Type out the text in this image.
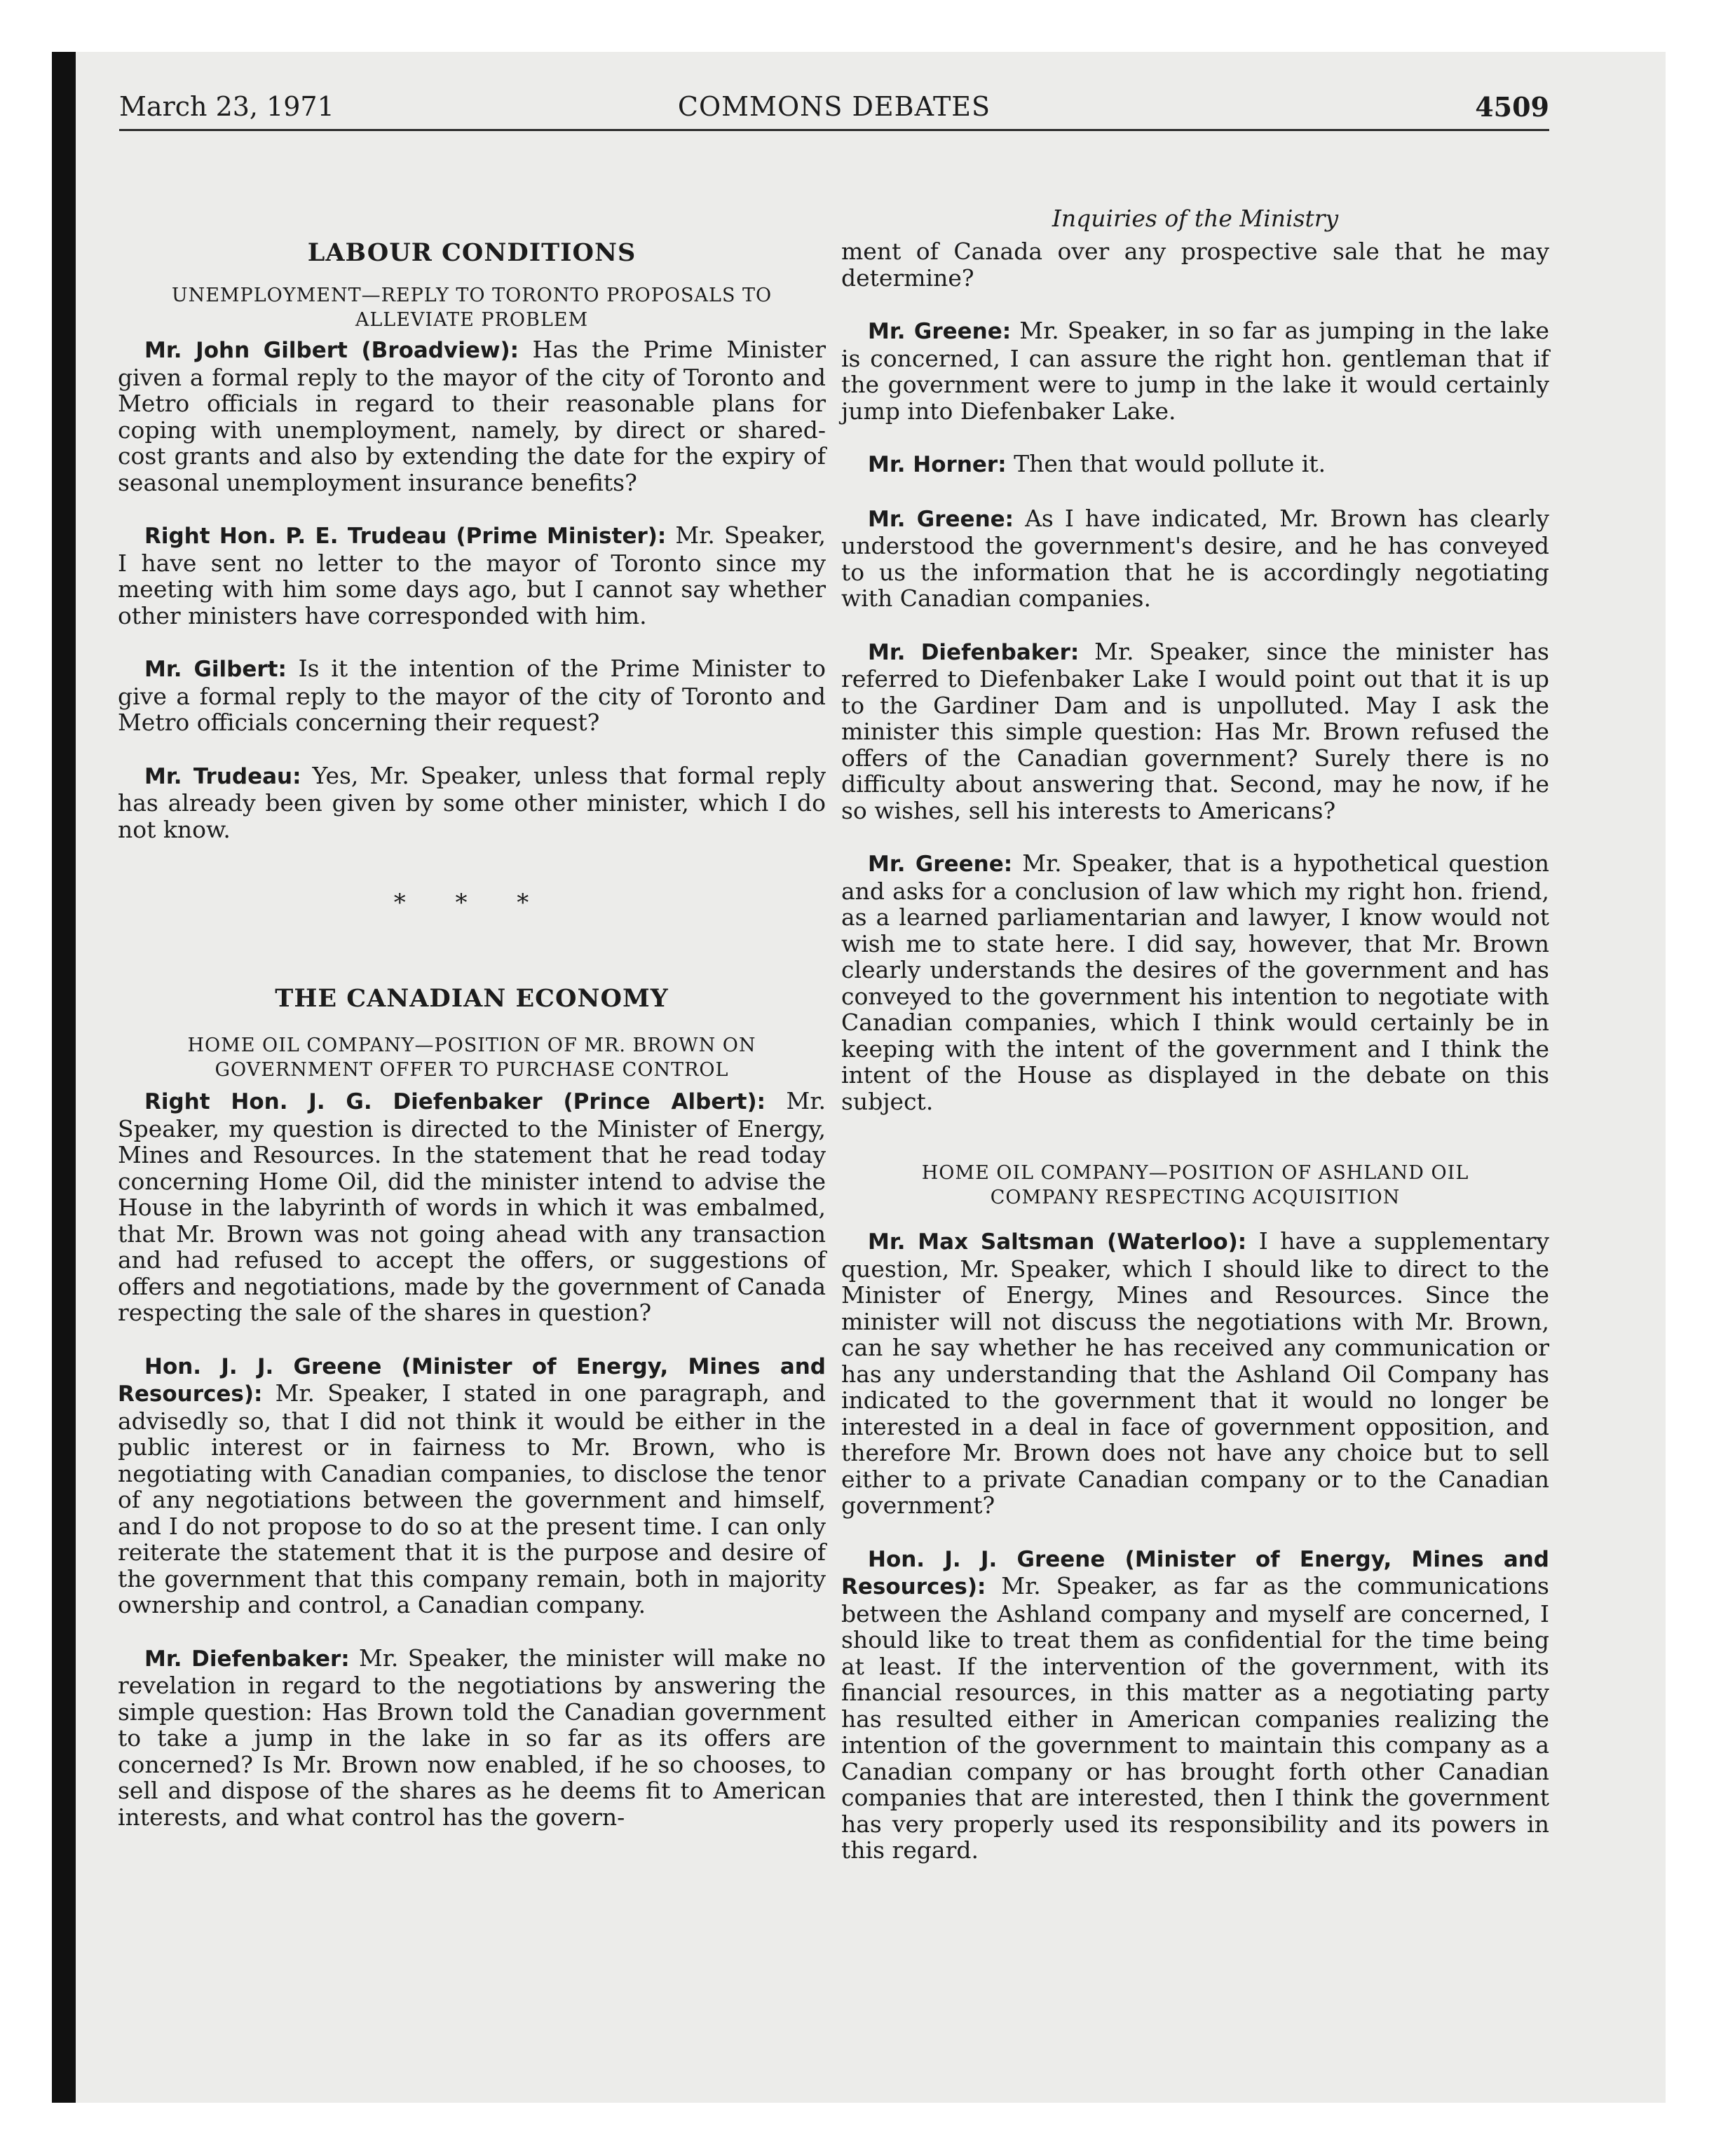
March 23, 1971	COMMONS DEBATES	4509
LABOUR CONDITIONS

UNEMPLOYMENT—REPLY TO TORONTO PROPOSALS TO ALLEVIATE PROBLEM

Mr. John Gilbert (Broadview): Has the Prime Minister given a formal reply to the mayor of the city of Toronto and Metro officials in regard to their reasonable plans for coping with unemployment, namely, by direct or shared-cost grants and also by extending the date for the expiry of seasonal unemployment insurance benefits?

Right Hon. P. E. Trudeau (Prime Minister): Mr. Speaker, I have sent no letter to the mayor of Toronto since my meeting with him some days ago, but I cannot say whether other ministers have corresponded with him.

Mr. Gilbert: Is it the intention of the Prime Minister to give a formal reply to the mayor of the city of Toronto and Metro officials concerning their request?

Mr. Trudeau: Yes, Mr. Speaker, unless that formal reply has already been given by some other minister, which I do not know.

* * *

THE CANADIAN ECONOMY

HOME OIL COMPANY—POSITION OF MR. BROWN ON GOVERNMENT OFFER TO PURCHASE CONTROL

Right Hon. J. G. Diefenbaker (Prince Albert): Mr. Speaker, my question is directed to the Minister of Energy, Mines and Resources. In the statement that he read today concerning Home Oil, did the minister intend to advise the House in the labyrinth of words in which it was embalmed, that Mr. Brown was not going ahead with any transaction and had refused to accept the offers, or suggestions of offers and negotiations, made by the government of Canada respecting the sale of the shares in question?

Hon. J. J. Greene (Minister of Energy, Mines and Resources): Mr. Speaker, I stated in one paragraph, and advisedly so, that I did not think it would be either in the public interest or in fairness to Mr. Brown, who is negotiating with Canadian companies, to disclose the tenor of any negotiations between the government and himself, and I do not propose to do so at the present time. I can only reiterate the statement that it is the purpose and desire of the government that this company remain, both in majority ownership and control, a Canadian company.

Mr. Diefenbaker: Mr. Speaker, the minister will make no revelation in regard to the negotiations by answering the simple question: Has Brown told the Canadian government to take a jump in the lake in so far as its offers are concerned? Is Mr. Brown now enabled, if he so chooses, to sell and dispose of the shares as he deems fit to American interests, and what control has the govern-

Inquiries of the Ministry

ment of Canada over any prospective sale that he may determine?

Mr. Greene: Mr. Speaker, in so far as jumping in the lake is concerned, I can assure the right hon. gentleman that if the government were to jump in the lake it would certainly jump into Diefenbaker Lake.

Mr. Horner: Then that would pollute it.

Mr. Greene: As I have indicated, Mr. Brown has clearly understood the government's desire, and he has conveyed to us the information that he is accordingly negotiating with Canadian companies.

Mr. Diefenbaker: Mr. Speaker, since the minister has referred to Diefenbaker Lake I would point out that it is up to the Gardiner Dam and is unpolluted. May I ask the minister this simple question: Has Mr. Brown refused the offers of the Canadian government? Surely there is no difficulty about answering that. Second, may he now, if he so wishes, sell his interests to Americans?

Mr. Greene: Mr. Speaker, that is a hypothetical question and asks for a conclusion of law which my right hon. friend, as a learned parliamentarian and lawyer, I know would not wish me to state here. I did say, however, that Mr. Brown clearly understands the desires of the government and has conveyed to the government his intention to negotiate with Canadian companies, which I think would certainly be in keeping with the intent of the government and I think the intent of the House as displayed in the debate on this subject.

HOME OIL COMPANY—POSITION OF ASHLAND OIL COMPANY RESPECTING ACQUISITION

Mr. Max Saltsman (Waterloo): I have a supplementary question, Mr. Speaker, which I should like to direct to the Minister of Energy, Mines and Resources. Since the minister will not discuss the negotiations with Mr. Brown, can he say whether he has received any communication or has any understanding that the Ashland Oil Company has indicated to the government that it would no longer be interested in a deal in face of government opposition, and therefore Mr. Brown does not have any choice but to sell either to a private Canadian company or to the Canadian government?

Hon. J. J. Greene (Minister of Energy, Mines and Resources): Mr. Speaker, as far as the communications between the Ashland company and myself are concerned, I should like to treat them as confidential for the time being at least. If the intervention of the government, with its financial resources, in this matter as a negotiating party has resulted either in American companies realizing the intention of the government to maintain this company as a Canadian company or has brought forth other Canadian companies that are interested, then I think the government has very properly used its responsibility and its powers in this regard.
